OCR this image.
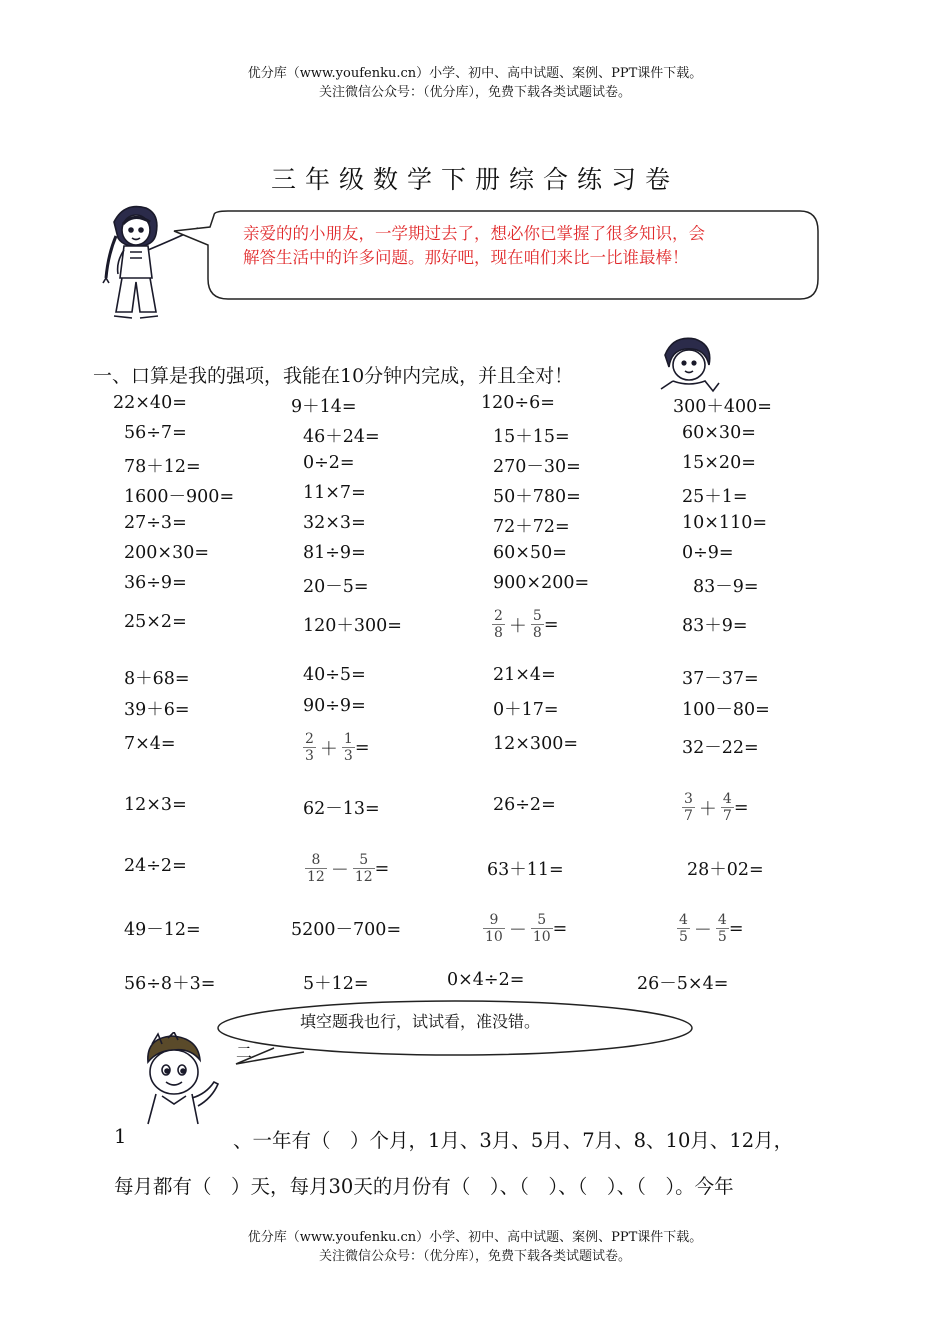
优分库（www.youfenku.cn）小学、初中、高中试题、案例、PPT课件下载。
关注微信公众号：（优分库），免费下载各类试题试卷。
三年级数学下册综合练习卷
亲爱的的小朋友，一学期过去了，想必你已掌握了很多知识，会
解答生活中的许多问题。那好吧，现在咱们来比一比谁最棒！
一、口算是我的强项，我能在10分钟内完成，并且全对！
22×40=	9＋14=	120÷6=	300＋400=
56÷7=	46＋24=	15＋15=	60×30=
78＋12=	0÷2=	270－30=	15×20=
1600－900=	11×7=	50＋780=	25＋1=
27÷3=	32×3=	72＋72=	10×110=
200×30=	81÷9=	60×50=	0÷9=
36÷9=	20－5=	900×200=	83－9=
25×2=	120＋300=	$\frac{2}{8} + \frac{5}{8}$ =	83＋9=
8＋68=	40÷5=	21×4=	37－37=
39＋6=	90÷9=	0＋17=	100－80=
7×4=	$\frac{2}{3} + \frac{1}{3}$ =	12×300=	32－22=
12×3=	62－13=	26÷2=	$\frac{3}{7} + \frac{4}{7}$ =
24÷2=	$\frac{8}{12} - \frac{5}{12}$ =	63＋11=	28＋02=
49－12=	5200－700=	$\frac{9}{10} - \frac{5}{10}$ =	$\frac{4}{5} - \frac{4}{5}$ =
56÷8＋3=	5＋12=	0×4÷2=	26－5×4=
填空题我也行，试试看，准没错。
二
1	、一年有（　）个月，1月、3月、5月、7月、8、10月、12月，
每月都有（　）天，每月30天的月份有（　）、（　）、（　）、（　）。今年
优分库（www.youfenku.cn）小学、初中、高中试题、案例、PPT课件下载。
关注微信公众号：（优分库），免费下载各类试题试卷。
